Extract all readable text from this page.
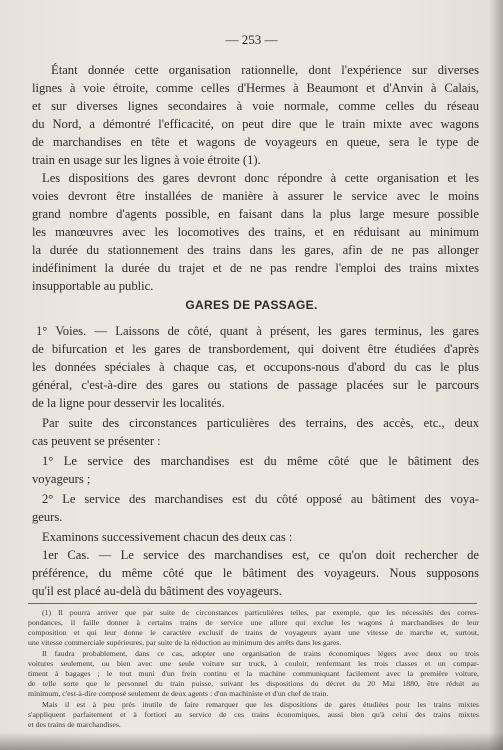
— 253 —
Étant donnée cette organisation rationnelle, dont l'expérience sur diverses
lignes à voie étroite, comme celles d'Hermes à Beaumont et d'Anvin à Calais,
et sur diverses lignes secondaires à voie normale, comme celles du réseau
du Nord, a démontré l'efficacité, on peut dire que le train mixte avec wagons
de marchandises en tête et wagons de voyageurs en queue, sera le type de
train en usage sur les lignes à voie étroite (1).
Les dispositions des gares devront donc répondre à cette organisation et les
voies devront être installées de manière à assurer le service avec le moins
grand nombre d'agents possible, en faisant dans la plus large mesure possible
les manœuvres avec les locomotives des trains, et en réduisant au minimum
la durée du stationnement des trains dans les gares, afin de ne pas allonger
indéfiniment la durée du trajet et de ne pas rendre l'emploi des trains mixtes
insupportable au public.
GARES DE PASSAGE.
1° Voies. — Laissons de côté, quant à présent, les gares terminus, les gares
de bifurcation et les gares de transbordement, qui doivent être étudiées d'après
les données spéciales à chaque cas, et occupons-nous d'abord du cas le plus
général, c'est-à-dire des gares ou stations de passage placées sur le parcours
de la ligne pour desservir les localités.
Par suite des circonstances particulières des terrains, des accès, etc., deux
cas peuvent se présenter :
1° Le service des marchandises est du même côté que le bâtiment des
voyageurs ;
2° Le service des marchandises est du côté opposé au bâtiment des voya-
geurs.
Examinons successivement chacun des deux cas :
1er Cas. — Le service des marchandises est, ce qu'on doit rechercher de
préférence, du même côté que le bâtiment des voyageurs. Nous supposons
qu'il est placé au-delà du bâtiment des voyageurs.
(1) Il pourra arriver que par suite de circonstances particulières telles, par exemple, que les nécessités des corres-
pondances, il faille donner à certains trains de service une allure qui exclue les wagons à marchandises de leur
composition et qui leur donne le caractère exclusif de trains de voyageurs ayant une vitesse de marche et, surtout,
une vitesse commerciale supérieures, par suite de la réduction au minimum des arrêts dans les gares.
Il faudra probablement, dans ce cas, adopter une organisation de trains économiques légers avec deux ou trois
voitures seulement, ou bien avec une seule voiture sur truck, à couloir, renfermant les trois classes et un compar-
timent à bagages ; le tout muni d'un frein continu et la machine communiquant facilement avec la première voiture,
de telle sorte que le personnel du train puisse, suivant les dispositions du décret du 20 Mai 1880, être réduit au
minimum, c'est-à-dire composé seulement de deux agents : d'un machiniste et d'un chef de train.
Mais il est à peu près inutile de faire remarquer que les dispositions de gares étudiées pour les trains mixtes
s'appliquent parfaitement et à fortiori au service de ces trains économiques, aussi bien qu'à celui des trains mixtes
et des trains de marchandises.
